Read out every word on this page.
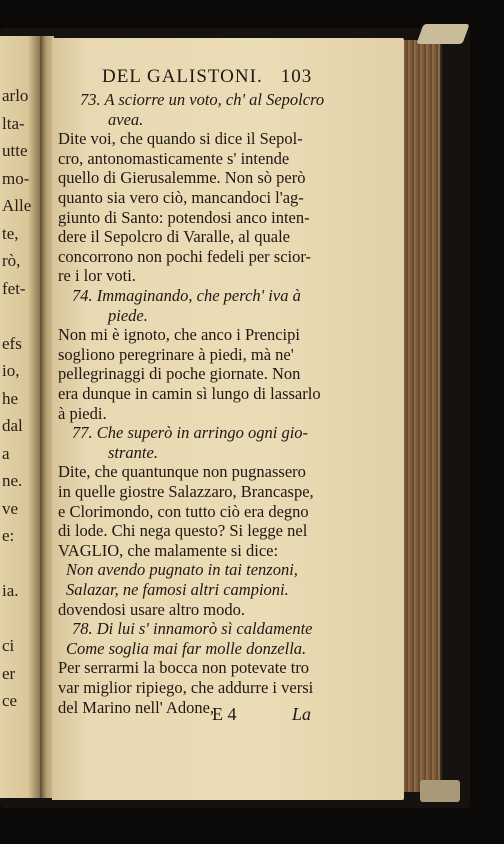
arlo
lta-
utte
mo-
Alle
te,
rò,
fet-
efs
io,
he
dal
a
ne.
ve
e:
ia.
ci
er
ce
DEL GALISTONI. 103
73. A sciorre un voto, ch' al Sepolcro
avea.
Dite voi, che quando si dice il Sepol-
cro, antonomasticamente s' intende
quello di Gierusalemme. Non sò però
quanto sia vero ciò, mancandoci l'ag-
giunto di Santo: potendosi anco inten-
dere il Sepolcro di Varalle, al quale
concorrono non pochi fedeli per scior-
re i lor voti.
74. Immaginando, che perch' iva à
piede.
Non mi è ignoto, che anco i Prencipi
sogliono peregrinare à piedi, mà ne'
pellegrinaggi di poche giornate. Non
era dunque in camin sì lungo di lassarlo
à piedi.
77. Che superò in arringo ogni gio-
strante.
Dite, che quantunque non pugnassero
in quelle giostre Salazzaro, Brancaspe,
e Clorimondo, con tutto ciò era degno
di lode. Chi nega questo? Si legge nel
VAGLIO, che malamente si dice:
Non avendo pugnato in tai tenzoni,
Salazar, ne famosi altri campioni.
dovendosi usare altro modo.
78. Di lui s' innamorò sì caldamente
Come soglia mai far molle donzella.
Per serrarmi la bocca non potevate tro
var miglior ripiego, che addurre i versi
del Marino nell' Adone,
E 4	La
